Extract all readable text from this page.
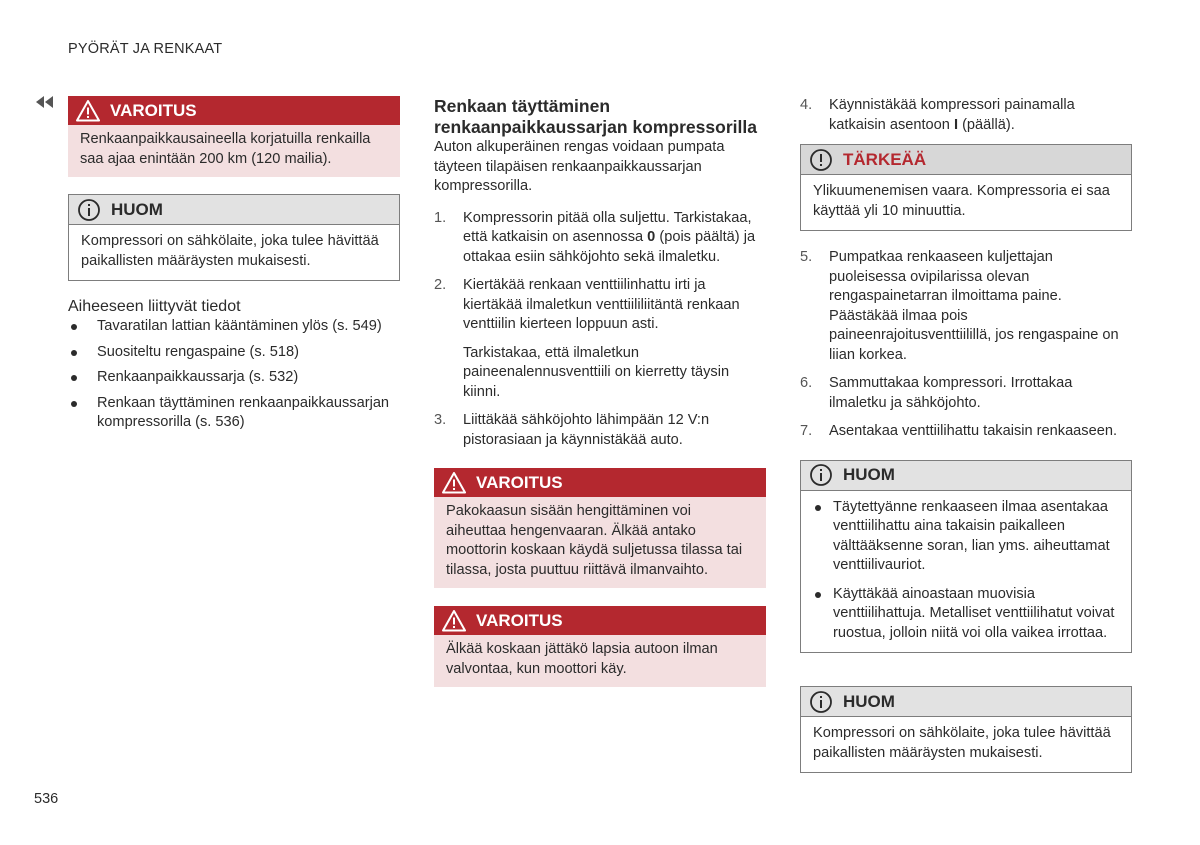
PYÖRÄT JA RENKAAT
VAROITUS
Renkaanpaikkausaineella korjatuilla renkailla saa ajaa enintään 200 km (120 mailia).
HUOM
Kompressori on sähkölaite, joka tulee hävittää paikallisten määräysten mukaisesti.
Aiheeseen liittyvät tiedot
Tavaratilan lattian kääntäminen ylös (s. 549)
Suositeltu rengaspaine (s. 518)
Renkaanpaikkaussarja (s. 532)
Renkaan täyttäminen renkaanpaikkaussarjan kompressorilla (s. 536)
Renkaan täyttäminen renkaanpaikkaussarjan kompressorilla

Auton alkuperäinen rengas voidaan pumpata täyteen tilapäisen renkaanpaikkaussarjan kompressorilla.

1. Kompressorin pitää olla suljettu. Tarkistakaa, että katkaisin on asennossa 0 (pois päältä) ja ottakaa esiin sähköjohto sekä ilmaletku.
2. Kiertäkää renkaan venttiilinhattu irti ja kiertäkää ilmaletkun venttiililiitäntä renkaan venttiilin kierteen loppuun asti.
Tarkistakaa, että ilmaletkun paineenalennusventtiili on kierretty täysin kiinni.
3. Liittäkää sähköjohto lähimpään 12 V:n pistorasiaan ja käynnistäkää auto.
VAROITUS
Pakokaasun sisään hengittäminen voi aiheuttaa hengenvaaran. Älkää antako moottorin koskaan käydä suljetussa tilassa tai tilassa, josta puuttuu riittävä ilmanvaihto.
VAROITUS
Älkää koskaan jättäkö lapsia autoon ilman valvontaa, kun moottori käy.
4. Käynnistäkää kompressori painamalla katkaisin asentoon I (päällä).
TÄRKEÄÄ
Ylikuumenemisen vaara. Kompressoria ei saa käyttää yli 10 minuuttia.
5. Pumpatkaa renkaaseen kuljettajan puoleisessa ovipilarissa olevan rengaspainetarran ilmoittama paine. Päästäkää ilmaa pois paineenrajoitusventtiilillä, jos rengaspaine on liian korkea.
6. Sammuttakaa kompressori. Irrottakaa ilmaletku ja sähköjohto.
7. Asentakaa venttiilihattu takaisin renkaaseen.
HUOM
Täytettyänne renkaaseen ilmaa asentakaa venttiilihattu aina takaisin paikalleen välttääksenne soran, lian yms. aiheuttamat venttiilivauriot.
Käyttäkää ainoastaan muovisia venttiilihattuja. Metalliset venttiilihatut voivat ruostua, jolloin niitä voi olla vaikea irrottaa.
HUOM
Kompressori on sähkölaite, joka tulee hävittää paikallisten määräysten mukaisesti.
536
